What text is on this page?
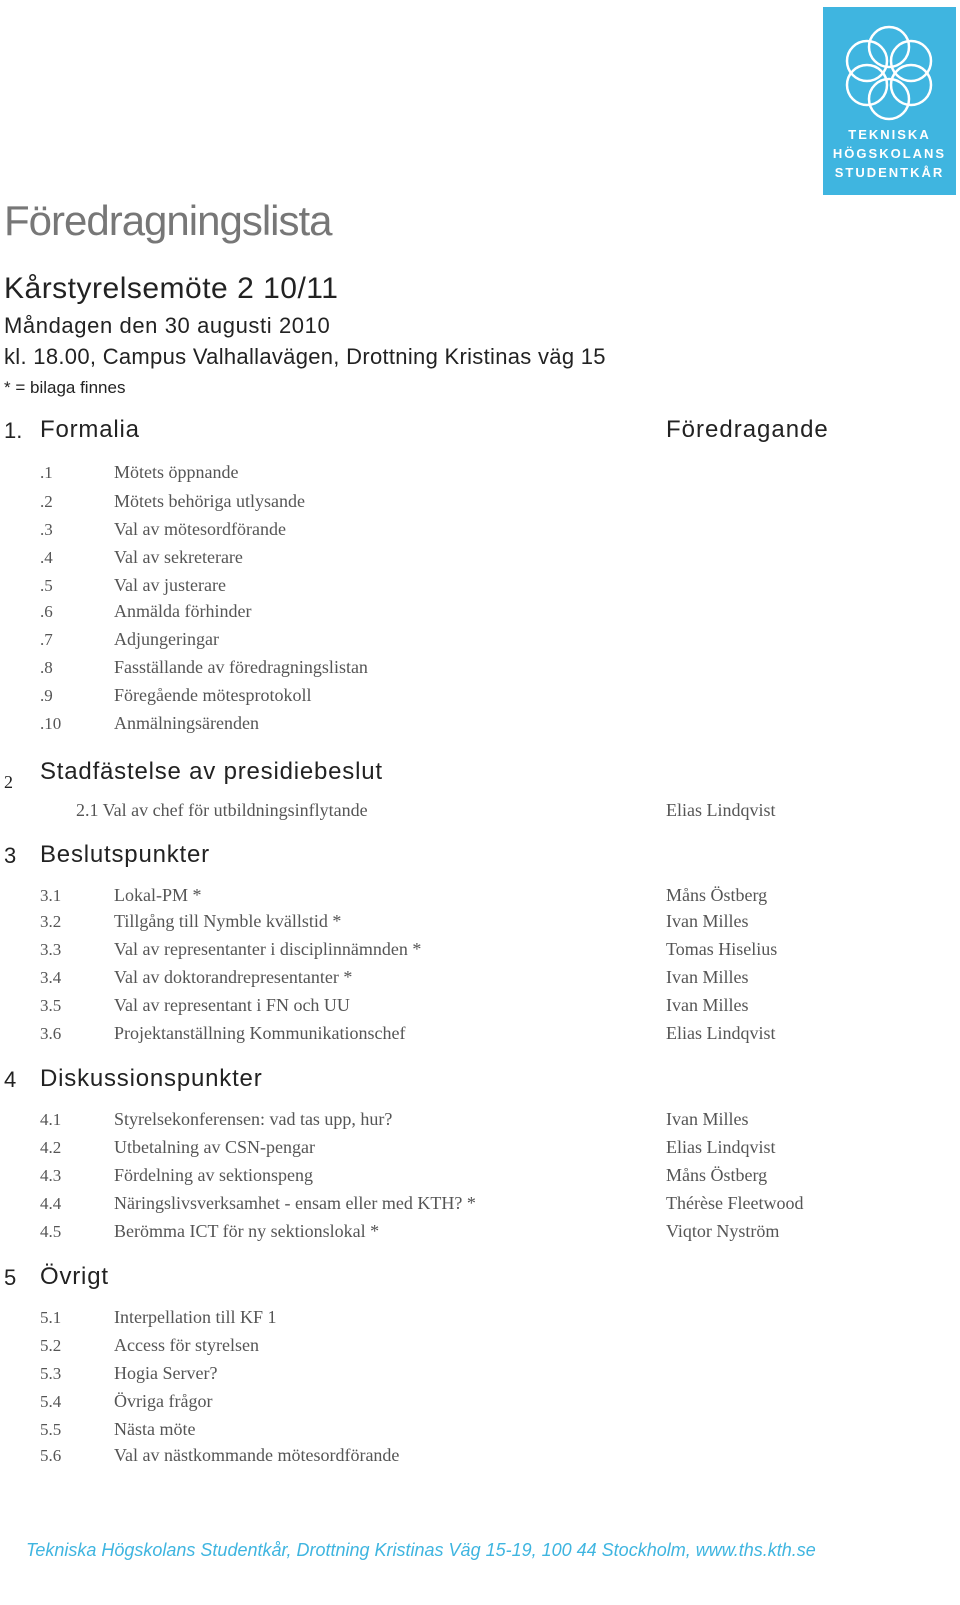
TEKNISKA
HÖGSKOLANS
STUDENTKÅR
Föredragningslista
Kårstyrelsemöte 2 10/11
Måndagen den 30 augusti 2010
kl. 18.00, Campus Valhallavägen, Drottning Kristinas väg 15
* = bilaga finnes
1. Formalia	Föredragande
.1	Mötets öppnande
.2	Mötets behöriga utlysande
.3	Val av mötesordförande
.4	Val av sekreterare
.5	Val av justerare
.6	Anmälda förhinder
.7	Adjungeringar
.8	Fasställande av föredragningslistan
.9	Föregående mötesprotokoll
.10	Anmälningsärenden
2 Stadfästelse av presidiebeslut
2.1 Val av chef för utbildningsinflytande	Elias Lindqvist
3 Beslutspunkter
3.1	Lokal-PM *	Måns Östberg
3.2	Tillgång till Nymble kvällstid *	Ivan Milles
3.3	Val av representanter i disciplinnämnden *	Tomas Hiselius
3.4	Val av doktorandrepresentanter *	Ivan Milles
3.5	Val av representant i FN och UU	Ivan Milles
3.6	Projektanställning Kommunikationschef	Elias Lindqvist
4 Diskussionspunkter
4.1	Styrelsekonferensen: vad tas upp, hur?	Ivan Milles
4.2	Utbetalning av CSN-pengar	Elias Lindqvist
4.3	Fördelning av sektionspeng	Måns Östberg
4.4	Näringslivsverksamhet - ensam eller med KTH? *	Thérèse Fleetwood
4.5	Berömma ICT för ny sektionslokal *	Viqtor Nyström
5 Övrigt
5.1	Interpellation till KF 1
5.2	Access för styrelsen
5.3	Hogia Server?
5.4	Övriga frågor
5.5	Nästa möte
5.6	Val av nästkommande mötesordförande
Tekniska Högskolans Studentkår, Drottning Kristinas Väg 15-19, 100 44 Stockholm, www.ths.kth.se
